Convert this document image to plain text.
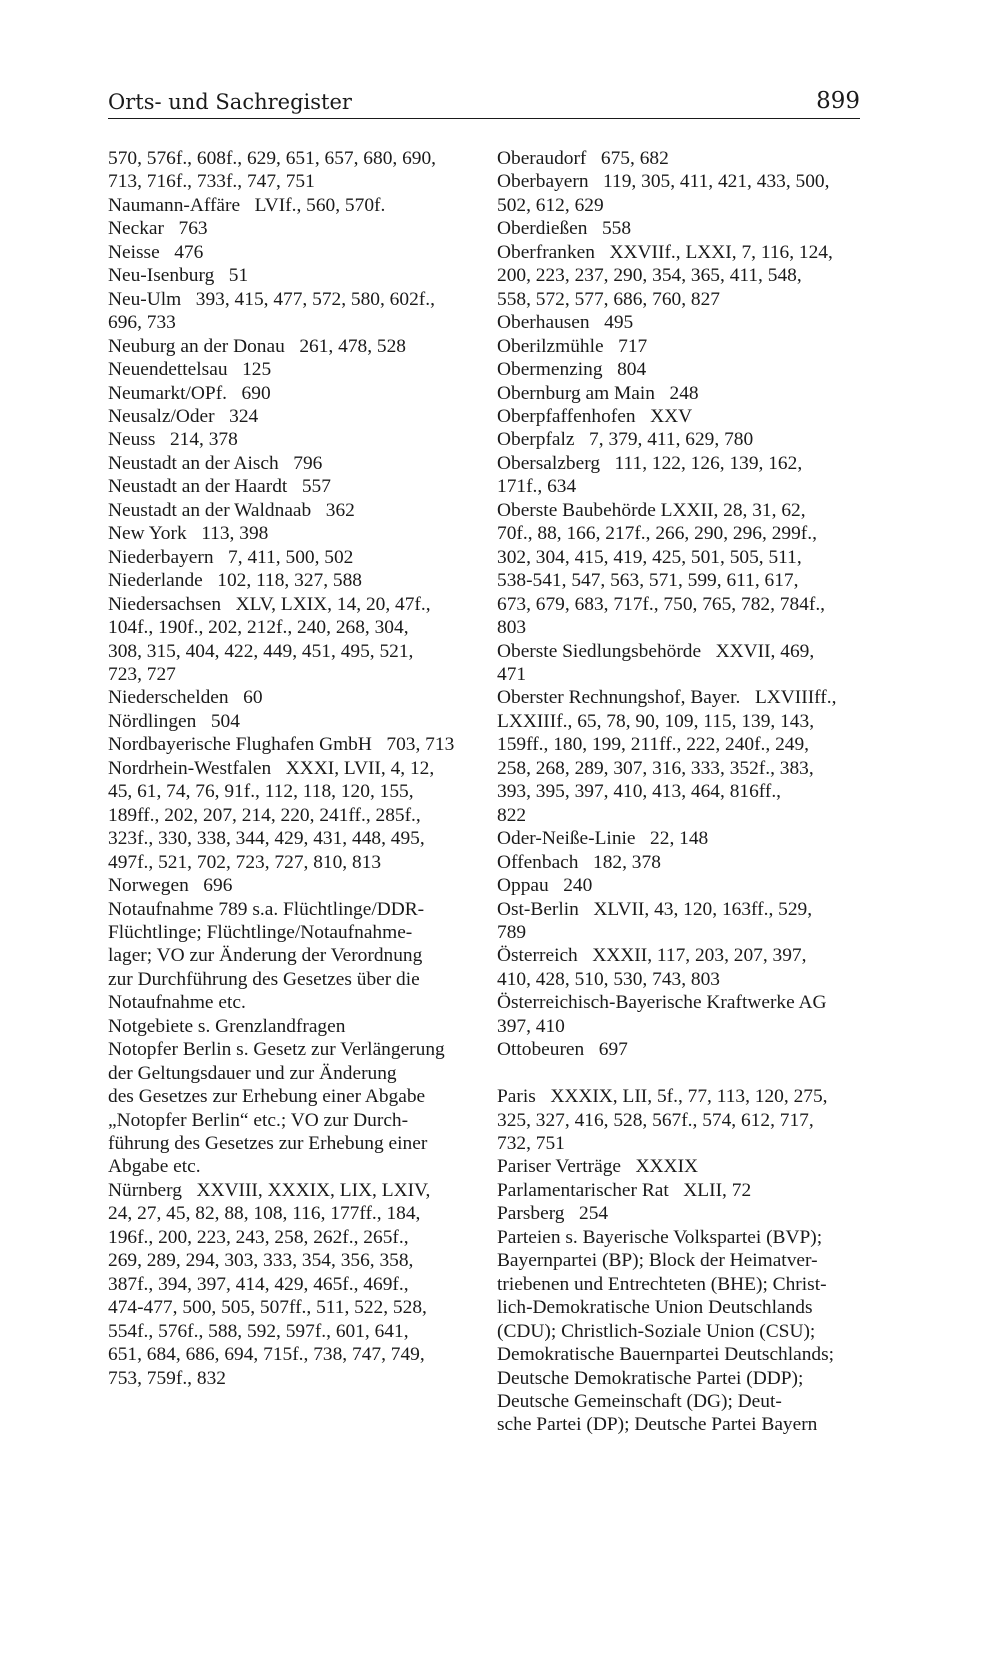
Orts- und Sachregister	899

570, 576f., 608f., 629, 651, 657, 680, 690,
713, 716f., 733f., 747, 751

Naumann-Affäre   LVIf., 560, 570f.

Neckar   763

Neisse   476

Neu-Isenburg   51

Neu-Ulm   393, 415, 477, 572, 580, 602f.,
696, 733

Neuburg an der Donau   261, 478, 528

Neuendettelsau   125

Neumarkt/OPf.   690

Neusalz/Oder   324

Neuss   214, 378

Neustadt an der Aisch   796

Neustadt an der Haardt   557

Neustadt an der Waldnaab   362

New York   113, 398

Niederbayern   7, 411, 500, 502

Niederlande   102, 118, 327, 588

Niedersachsen   XLV, LXIX, 14, 20, 47f.,
104f., 190f., 202, 212f., 240, 268, 304,
308, 315, 404, 422, 449, 451, 495, 521,
723, 727

Niederschelden   60

Nördlingen   504

Nordbayerische Flughafen GmbH   703, 713

Nordrhein-Westfalen   XXXI, LVII, 4, 12,
45, 61, 74, 76, 91f., 112, 118, 120, 155,
189ff., 202, 207, 214, 220, 241ff., 285f.,
323f., 330, 338, 344, 429, 431, 448, 495,
497f., 521, 702, 723, 727, 810, 813

Norwegen   696

Notaufnahme 789 s.a. Flüchtlinge/DDR-
Flüchtlinge; Flüchtlinge/Notaufnahme-
lager; VO zur Änderung der Verordnung
zur Durchführung des Gesetzes über die
Notaufnahme etc.

Notgebiete s. Grenzlandfragen

Notopfer Berlin s. Gesetz zur Verlängerung
der Geltungsdauer und zur Änderung
des Gesetzes zur Erhebung einer Abgabe
„Notopfer Berlin“ etc.; VO zur Durch-
führung des Gesetzes zur Erhebung einer
Abgabe etc.

Nürnberg   XXVIII, XXXIX, LIX, LXIV,
24, 27, 45, 82, 88, 108, 116, 177ff., 184,
196f., 200, 223, 243, 258, 262f., 265f.,
269, 289, 294, 303, 333, 354, 356, 358,
387f., 394, 397, 414, 429, 465f., 469f.,
474-477, 500, 505, 507ff., 511, 522, 528,
554f., 576f., 588, 592, 597f., 601, 641,
651, 684, 686, 694, 715f., 738, 747, 749,
753, 759f., 832

Oberaudorf   675, 682

Oberbayern   119, 305, 411, 421, 433, 500,
502, 612, 629

Oberdießen   558

Oberfranken   XXVIIf., LXXI, 7, 116, 124,
200, 223, 237, 290, 354, 365, 411, 548,
558, 572, 577, 686, 760, 827

Oberhausen   495

Oberilzmühle   717

Obermenzing   804

Obernburg am Main   248

Oberpfaffenhofen   XXV

Oberpfalz   7, 379, 411, 629, 780

Obersalzberg   111, 122, 126, 139, 162,
171f., 634

Oberste Baubehörde LXXII, 28, 31, 62,
70f., 88, 166, 217f., 266, 290, 296, 299f.,
302, 304, 415, 419, 425, 501, 505, 511,
538-541, 547, 563, 571, 599, 611, 617,
673, 679, 683, 717f., 750, 765, 782, 784f.,
803

Oberste Siedlungsbehörde   XXVII, 469,
471

Oberster Rechnungshof, Bayer.   LXVIIIff.,
LXXIIIf., 65, 78, 90, 109, 115, 139, 143,
159ff., 180, 199, 211ff., 222, 240f., 249,
258, 268, 289, 307, 316, 333, 352f., 383,
393, 395, 397, 410, 413, 464, 816ff.,
822

Oder-Neiße-Linie   22, 148

Offenbach   182, 378

Oppau   240

Ost-Berlin   XLVII, 43, 120, 163ff., 529,
789

Österreich   XXXII, 117, 203, 207, 397,
410, 428, 510, 530, 743, 803

Österreichisch-Bayerische Kraftwerke AG
397, 410

Ottobeuren   697

Paris   XXXIX, LII, 5f., 77, 113, 120, 275,
325, 327, 416, 528, 567f., 574, 612, 717,
732, 751

Pariser Verträge   XXXIX

Parlamentarischer Rat   XLII, 72

Parsberg   254

Parteien s. Bayerische Volkspartei (BVP);
Bayernpartei (BP); Block der Heimatver-
triebenen und Entrechteten (BHE); Christ-
lich-Demokratische Union Deutschlands
(CDU); Christlich-Soziale Union (CSU);
Demokratische Bauernpartei Deutschlands;
Deutsche Demokratische Partei (DDP);
Deutsche Gemeinschaft (DG); Deut-
sche Partei (DP); Deutsche Partei Bayern
